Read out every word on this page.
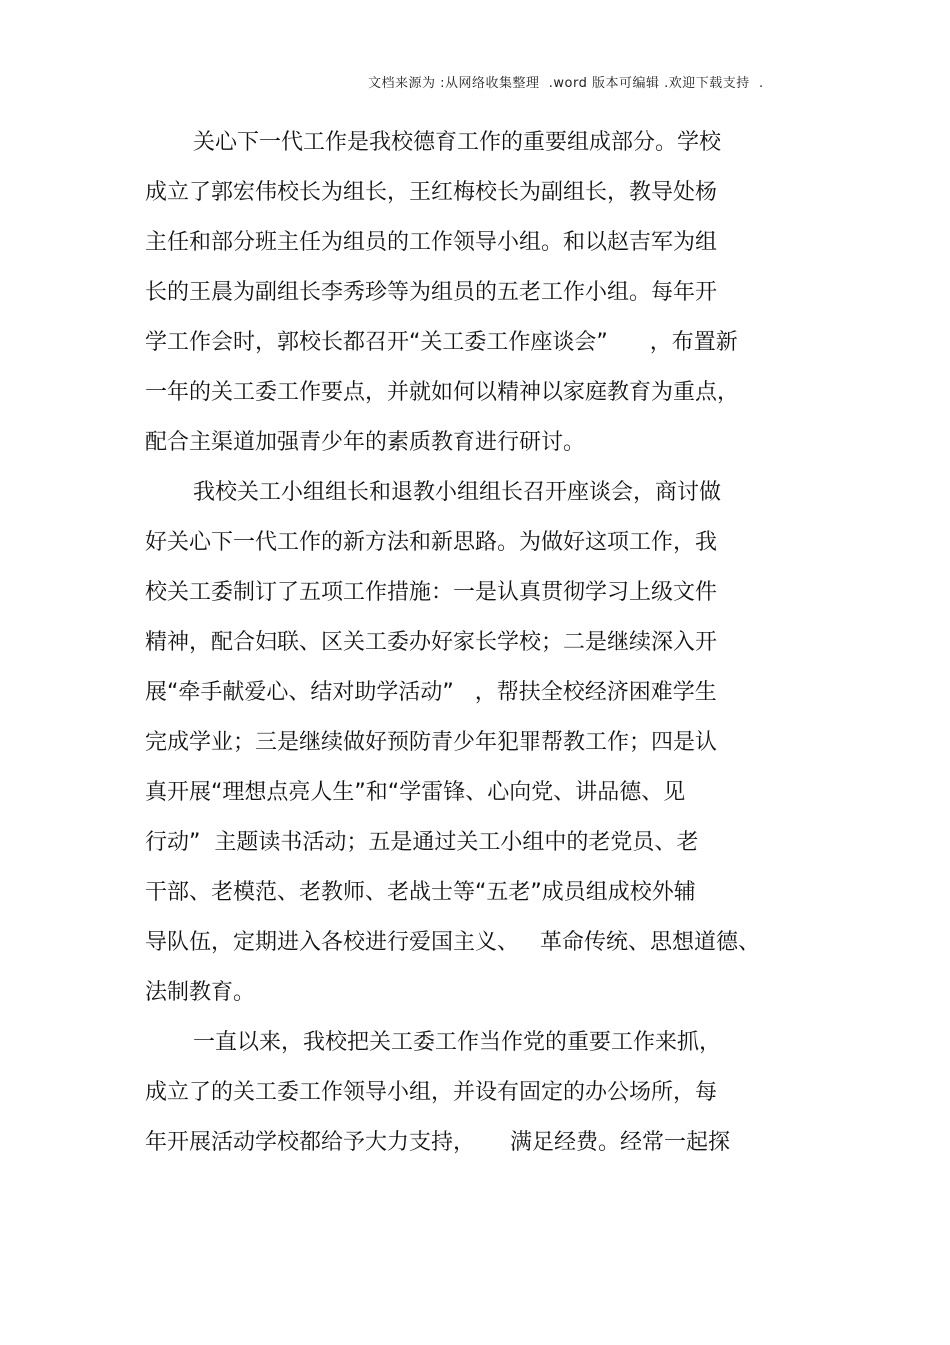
文档来源为 :从网络收集整理  .word 版本可编辑 .欢迎下载支持  .
关心下一代工作是我校德育工作的重要组成部分。学校
成立了郭宏伟校长为组长，王红梅校长为副组长，教导处杨
主任和部分班主任为组员的工作领导小组。和以赵吉军为组
长的王晨为副组长李秀珍等为组员的五老工作小组。每年开
学工作会时，郭校长都召开“关工委工作座谈会”      ，布置新
一年的关工委工作要点，并就如何以精神以家庭教育为重点，
配合主渠道加强青少年的素质教育进行研讨。
我校关工小组组长和退教小组组长召开座谈会，商讨做
好关心下一代工作的新方法和新思路。为做好这项工作，我
校关工委制订了五项工作措施：一是认真贯彻学习上级文件
精神，配合妇联、区关工委办好家长学校；二是继续深入开
展“牵手献爱心、结对助学活动”   ，帮扶全校经济困难学生
完成学业；三是继续做好预防青少年犯罪帮教工作；四是认
真开展“理想点亮人生”和“学雷锋、心向党、讲品德、见
行动”  主题读书活动；五是通过关工小组中的老党员、老
干部、老模范、老教师、老战士等“五老”成员组成校外辅
导队伍，定期进入各校进行爱国主义、   革命传统、思想道德、
法制教育。
一直以来，我校把关工委工作当作党的重要工作来抓，
成立了的关工委工作领导小组，并设有固定的办公场所，每
年开展活动学校都给予大力支持，     满足经费。经常一起探
